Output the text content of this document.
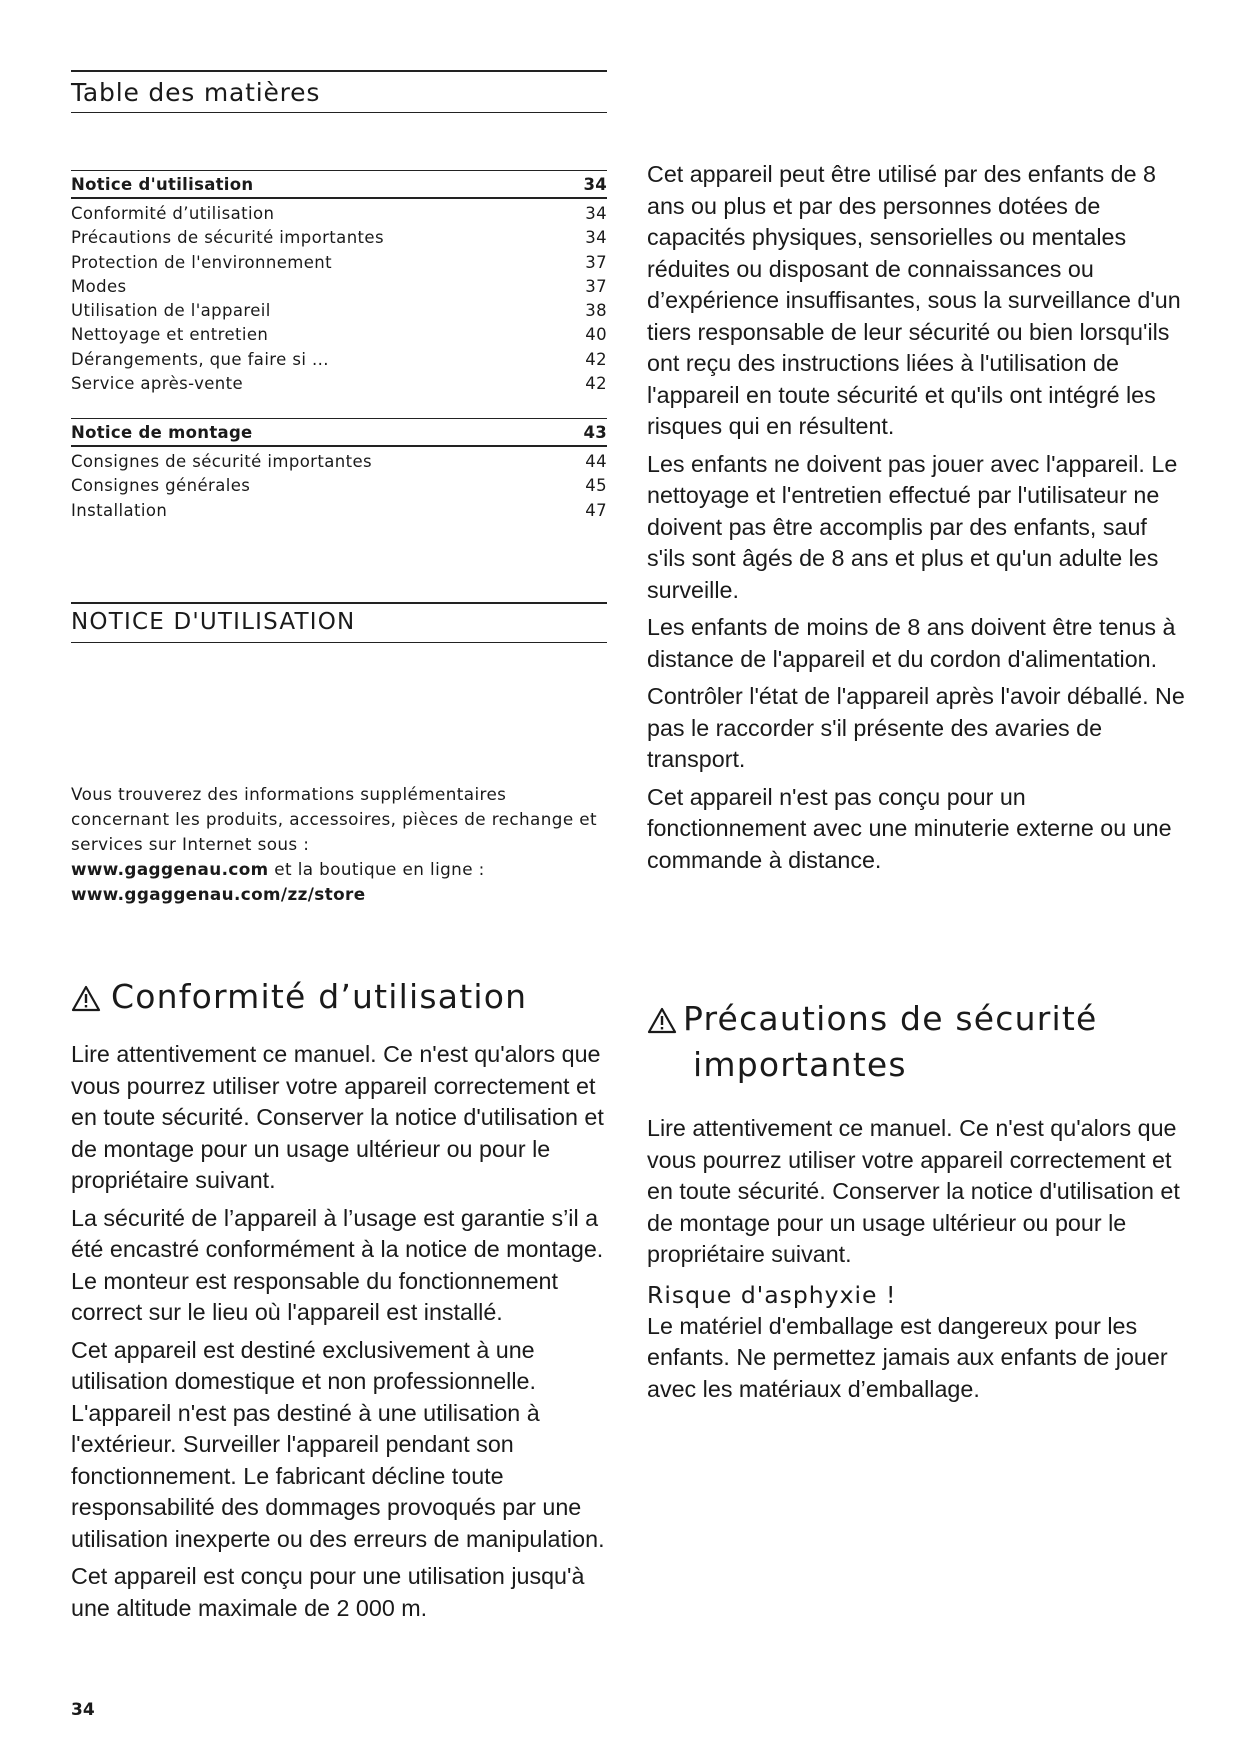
Table des matières
Notice d'utilisation	34
Conformité d’utilisation	34
Précautions de sécurité importantes	34
Protection de l'environnement	37
Modes	37
Utilisation de l'appareil	38
Nettoyage et entretien	40
Dérangements, que faire si ...	42
Service après-vente	42
Notice de montage	43
Consignes de sécurité importantes	44
Consignes générales	45
Installation	47
NOTICE D'UTILISATION
Vous trouverez des informations supplémentaires concernant les produits, accessoires, pièces de rechange et services sur Internet sous :
www.gaggenau.com et la boutique en ligne :
www.ggaggenau.com/zz/store
Conformité d’utilisation

Lire attentivement ce manuel. Ce n'est qu'alors que vous pourrez utiliser votre appareil correctement et en toute sécurité. Conserver la notice d'utilisation et de montage pour un usage ultérieur ou pour le propriétaire suivant.

La sécurité de l’appareil à l’usage est garantie s’il a été encastré conformément à la notice de montage. Le monteur est responsable du fonctionnement correct sur le lieu où l'appareil est installé.

Cet appareil est destiné exclusivement à une utilisation domestique et non professionnelle. L'appareil n'est pas destiné à une utilisation à l'extérieur. Surveiller l'appareil pendant son fonctionnement. Le fabricant décline toute responsabilité des dommages provoqués par une utilisation inexperte ou des erreurs de manipulation.

Cet appareil est conçu pour une utilisation jusqu'à une altitude maximale de 2 000 m.

Cet appareil peut être utilisé par des enfants de 8 ans ou plus et par des personnes dotées de capacités physiques, sensorielles ou mentales réduites ou disposant de connaissances ou d’expérience insuffisantes, sous la surveillance d'un tiers responsable de leur sécurité ou bien lorsqu'ils ont reçu des instructions liées à l'utilisation de l'appareil en toute sécurité et qu'ils ont intégré les risques qui en résultent.

Les enfants ne doivent pas jouer avec l'appareil. Le nettoyage et l'entretien effectué par l'utilisateur ne doivent pas être accomplis par des enfants, sauf s'ils sont âgés de 8 ans et plus et qu'un adulte les surveille.

Les enfants de moins de 8 ans doivent être tenus à distance de l'appareil et du cordon d'alimentation.

Contrôler l'état de l'appareil après l'avoir déballé. Ne pas le raccorder s'il présente des avaries de transport.

Cet appareil n'est pas conçu pour un fonctionnement avec une minuterie externe ou une commande à distance.

Précautions de sécurité
importantes

Lire attentivement ce manuel. Ce n'est qu'alors que vous pourrez utiliser votre appareil correctement et en toute sécurité. Conserver la notice d'utilisation et de montage pour un usage ultérieur ou pour le propriétaire suivant.

Risque d'asphyxie !

Le matériel d'emballage est dangereux pour les enfants. Ne permettez jamais aux enfants de jouer avec les matériaux d’emballage.

34
